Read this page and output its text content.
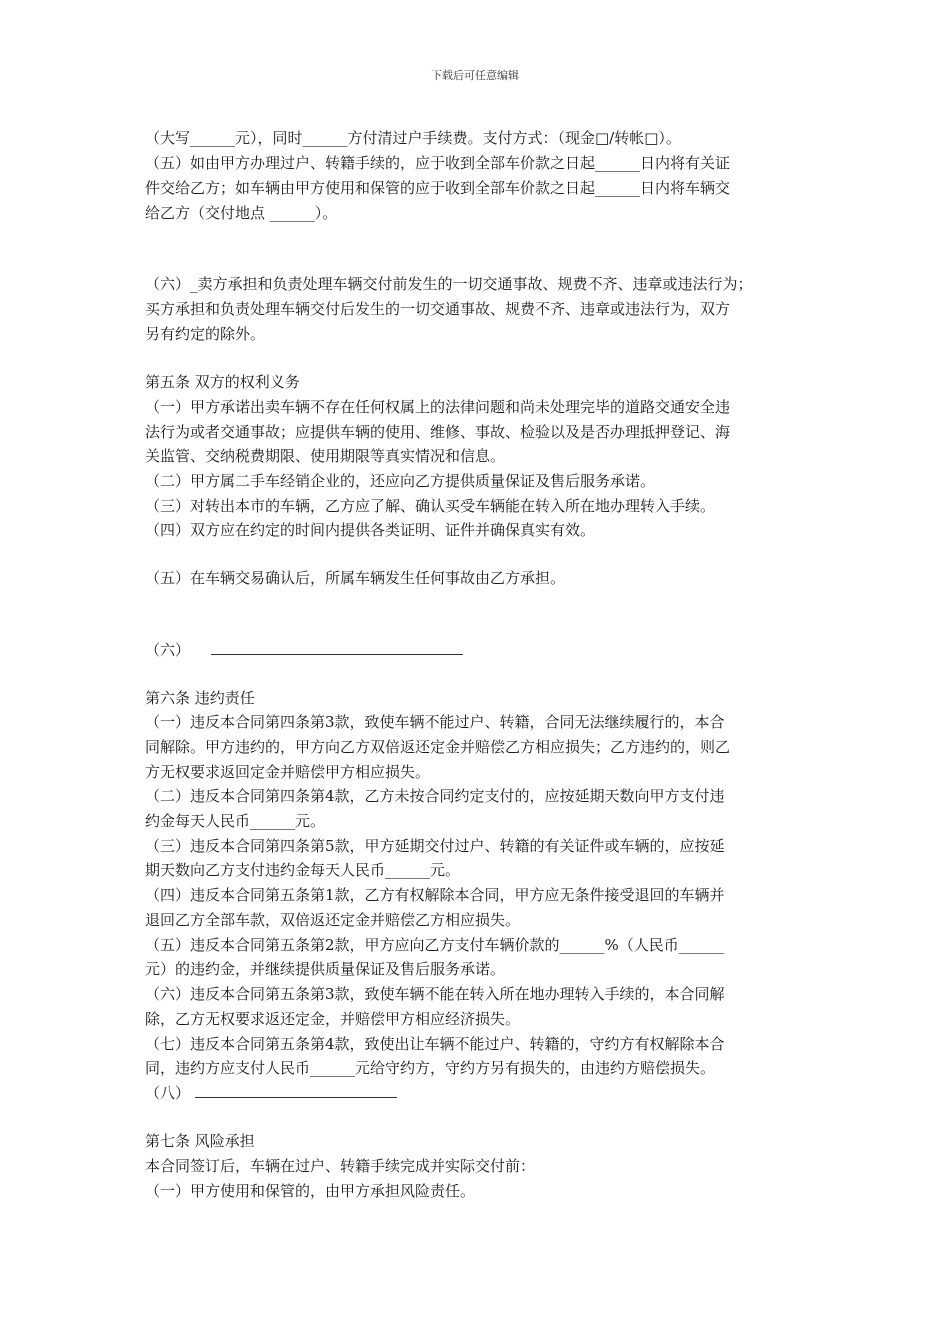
下载后可任意编辑
（大写______元），同时______方付清过户手续费。支付方式：（现金□/转帐□）。
（五）如由甲方办理过户、转籍手续的，应于收到全部车价款之日起______日内将有关证
件交给乙方；如车辆由甲方使用和保管的应于收到全部车价款之日起______日内将车辆交
给乙方（交付地点 ______）。
（六）_卖方承担和负责处理车辆交付前发生的一切交通事故、规费不齐、违章或违法行为；
买方承担和负责处理车辆交付后发生的一切交通事故、规费不齐、违章或违法行为，双方
另有约定的除外。
第五条 双方的权利义务
（一）甲方承诺出卖车辆不存在任何权属上的法律问题和尚未处理完毕的道路交通安全违
法行为或者交通事故；应提供车辆的使用、维修、事故、检验以及是否办理抵押登记、海
关监管、交纳税费期限、使用期限等真实情况和信息。
（二）甲方属二手车经销企业的，还应向乙方提供质量保证及售后服务承诺。
（三）对转出本市的车辆，乙方应了解、确认买受车辆能在转入所在地办理转入手续。
（四）双方应在约定的时间内提供各类证明、证件并确保真实有效。
（五）在车辆交易确认后，所属车辆发生任何事故由乙方承担。
（六）
第六条 违约责任
（一）违反本合同第四条第3款，致使车辆不能过户、转籍，合同无法继续履行的，本合
同解除。甲方违约的，甲方向乙方双倍返还定金并赔偿乙方相应损失；乙方违约的，则乙
方无权要求返回定金并赔偿甲方相应损失。
（二）违反本合同第四条第4款，乙方未按合同约定支付的，应按延期天数向甲方支付违
约金每天人民币______元。
（三）违反本合同第四条第5款，甲方延期交付过户、转籍的有关证件或车辆的，应按延
期天数向乙方支付违约金每天人民币______元。
（四）违反本合同第五条第1款，乙方有权解除本合同，甲方应无条件接受退回的车辆并
退回乙方全部车款，双倍返还定金并赔偿乙方相应损失。
（五）违反本合同第五条第2款，甲方应向乙方支付车辆价款的______%（人民币______
元）的违约金，并继续提供质量保证及售后服务承诺。
（六）违反本合同第五条第3款，致使车辆不能在转入所在地办理转入手续的，本合同解
除，乙方无权要求返还定金，并赔偿甲方相应经济损失。
（七）违反本合同第五条第4款，致使出让车辆不能过户、转籍的，守约方有权解除本合
同，违约方应支付人民币______元给守约方，守约方另有损失的，由违约方赔偿损失。
（八）
第七条 风险承担
本合同签订后，车辆在过户、转籍手续完成并实际交付前：
（一）甲方使用和保管的，由甲方承担风险责任。
